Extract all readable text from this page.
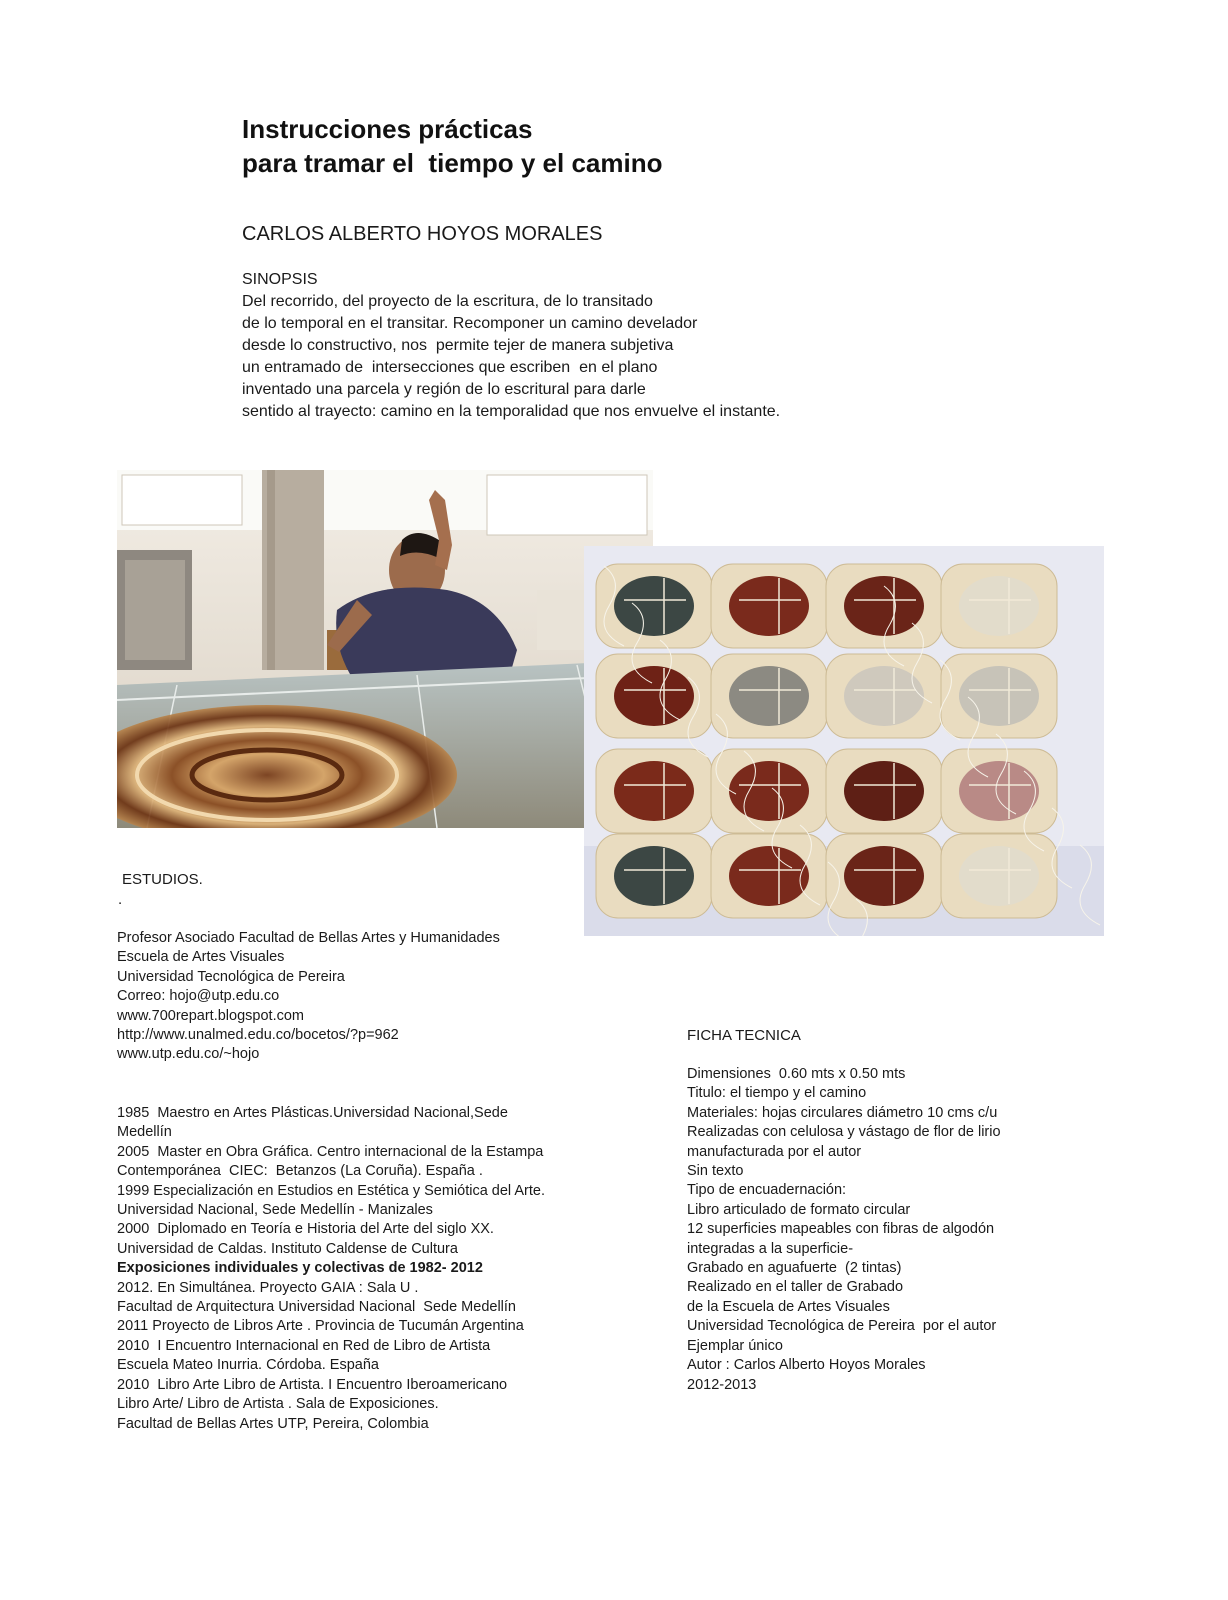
Instrucciones prácticas
para tramar el  tiempo y el camino
CARLOS ALBERTO HOYOS MORALES
SINOPSIS
Del recorrido, del proyecto de la escritura, de lo transitado
de lo temporal en el transitar. Recomponer un camino develador
desde lo constructivo, nos  permite tejer de manera subjetiva
un entramado de  intersecciones que escriben  en el plano
inventado una parcela y región de lo escritural para darle
sentido al trayecto: camino en la temporalidad que nos envuelve el instante.
ESTUDIOS.
.
Profesor Asociado Facultad de Bellas Artes y Humanidades
Escuela de Artes Visuales
Universidad Tecnológica de Pereira
Correo: hojo@utp.edu.co
www.700repart.blogspot.com
http://www.unalmed.edu.co/bocetos/?p=962
www.utp.edu.co/~hojo
1985  Maestro en Artes Plásticas.Universidad Nacional,Sede
Medellín
2005  Master en Obra Gráfica. Centro internacional de la Estampa
Contemporánea  CIEC:  Betanzos (La Coruña). España .
1999 Especialización en Estudios en Estética y Semiótica del Arte.
Universidad Nacional, Sede Medellín - Manizales
2000  Diplomado en Teoría e Historia del Arte del siglo XX.
Universidad de Caldas. Instituto Caldense de Cultura
Exposiciones individuales y colectivas de 1982- 2012
2012. En Simultánea. Proyecto GAIA : Sala U .
Facultad de Arquitectura Universidad Nacional  Sede Medellín
2011 Proyecto de Libros Arte . Provincia de Tucumán Argentina
2010  I Encuentro Internacional en Red de Libro de Artista
Escuela Mateo Inurria. Córdoba. España
2010  Libro Arte Libro de Artista. I Encuentro Iberoamericano
Libro Arte/ Libro de Artista . Sala de Exposiciones.
Facultad de Bellas Artes UTP, Pereira, Colombia
FICHA TECNICA
Dimensiones  0.60 mts x 0.50 mts
Titulo: el tiempo y el camino
Materiales: hojas circulares diámetro 10 cms c/u
Realizadas con celulosa y vástago de flor de lirio
manufacturada por el autor
Sin texto
Tipo de encuadernación:
Libro articulado de formato circular
12 superficies mapeables con fibras de algodón
integradas a la superficie-
Grabado en aguafuerte  (2 tintas)
Realizado en el taller de Grabado
de la Escuela de Artes Visuales
Universidad Tecnológica de Pereira  por el autor
Ejemplar único
Autor : Carlos Alberto Hoyos Morales
2012-2013
